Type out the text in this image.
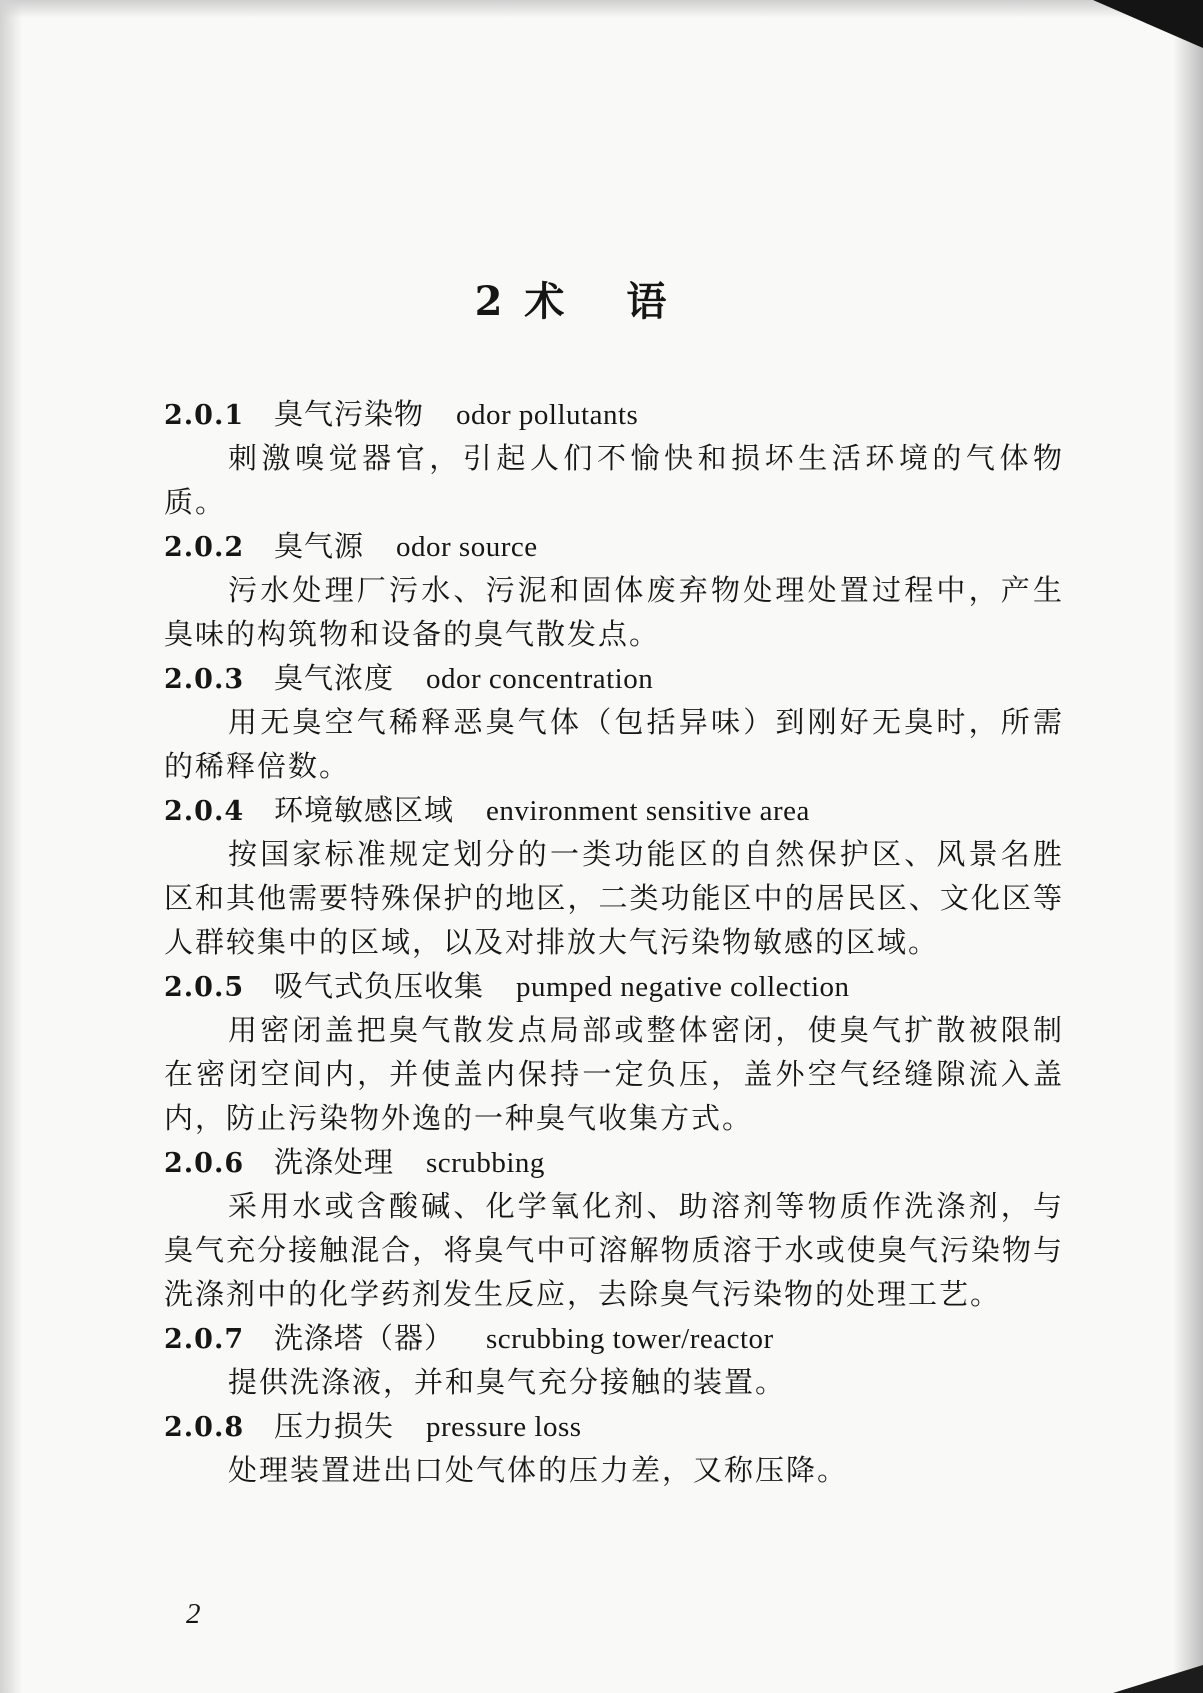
2 术语
2.0.1 臭气污染物 odor pollutants

刺激嗅觉器官，引起人们不愉快和损坏生活环境的气体物质。

2.0.2 臭气源 odor source

污水处理厂污水、污泥和固体废弃物处理处置过程中，产生臭味的构筑物和设备的臭气散发点。

2.0.3 臭气浓度 odor concentration

用无臭空气稀释恶臭气体（包括异味）到刚好无臭时，所需的稀释倍数。

2.0.4 环境敏感区域 environment sensitive area

按国家标准规定划分的一类功能区的自然保护区、风景名胜区和其他需要特殊保护的地区，二类功能区中的居民区、文化区等人群较集中的区域，以及对排放大气污染物敏感的区域。

2.0.5 吸气式负压收集 pumped negative collection

用密闭盖把臭气散发点局部或整体密闭，使臭气扩散被限制在密闭空间内，并使盖内保持一定负压，盖外空气经缝隙流入盖内，防止污染物外逸的一种臭气收集方式。

2.0.6 洗涤处理 scrubbing

采用水或含酸碱、化学氧化剂、助溶剂等物质作洗涤剂，与臭气充分接触混合，将臭气中可溶解物质溶于水或使臭气污染物与洗涤剂中的化学药剂发生反应，去除臭气污染物的处理工艺。

2.0.7 洗涤塔（器） scrubbing tower/reactor

提供洗涤液，并和臭气充分接触的装置。

2.0.8 压力损失 pressure loss

处理装置进出口处气体的压力差，又称压降。

2
